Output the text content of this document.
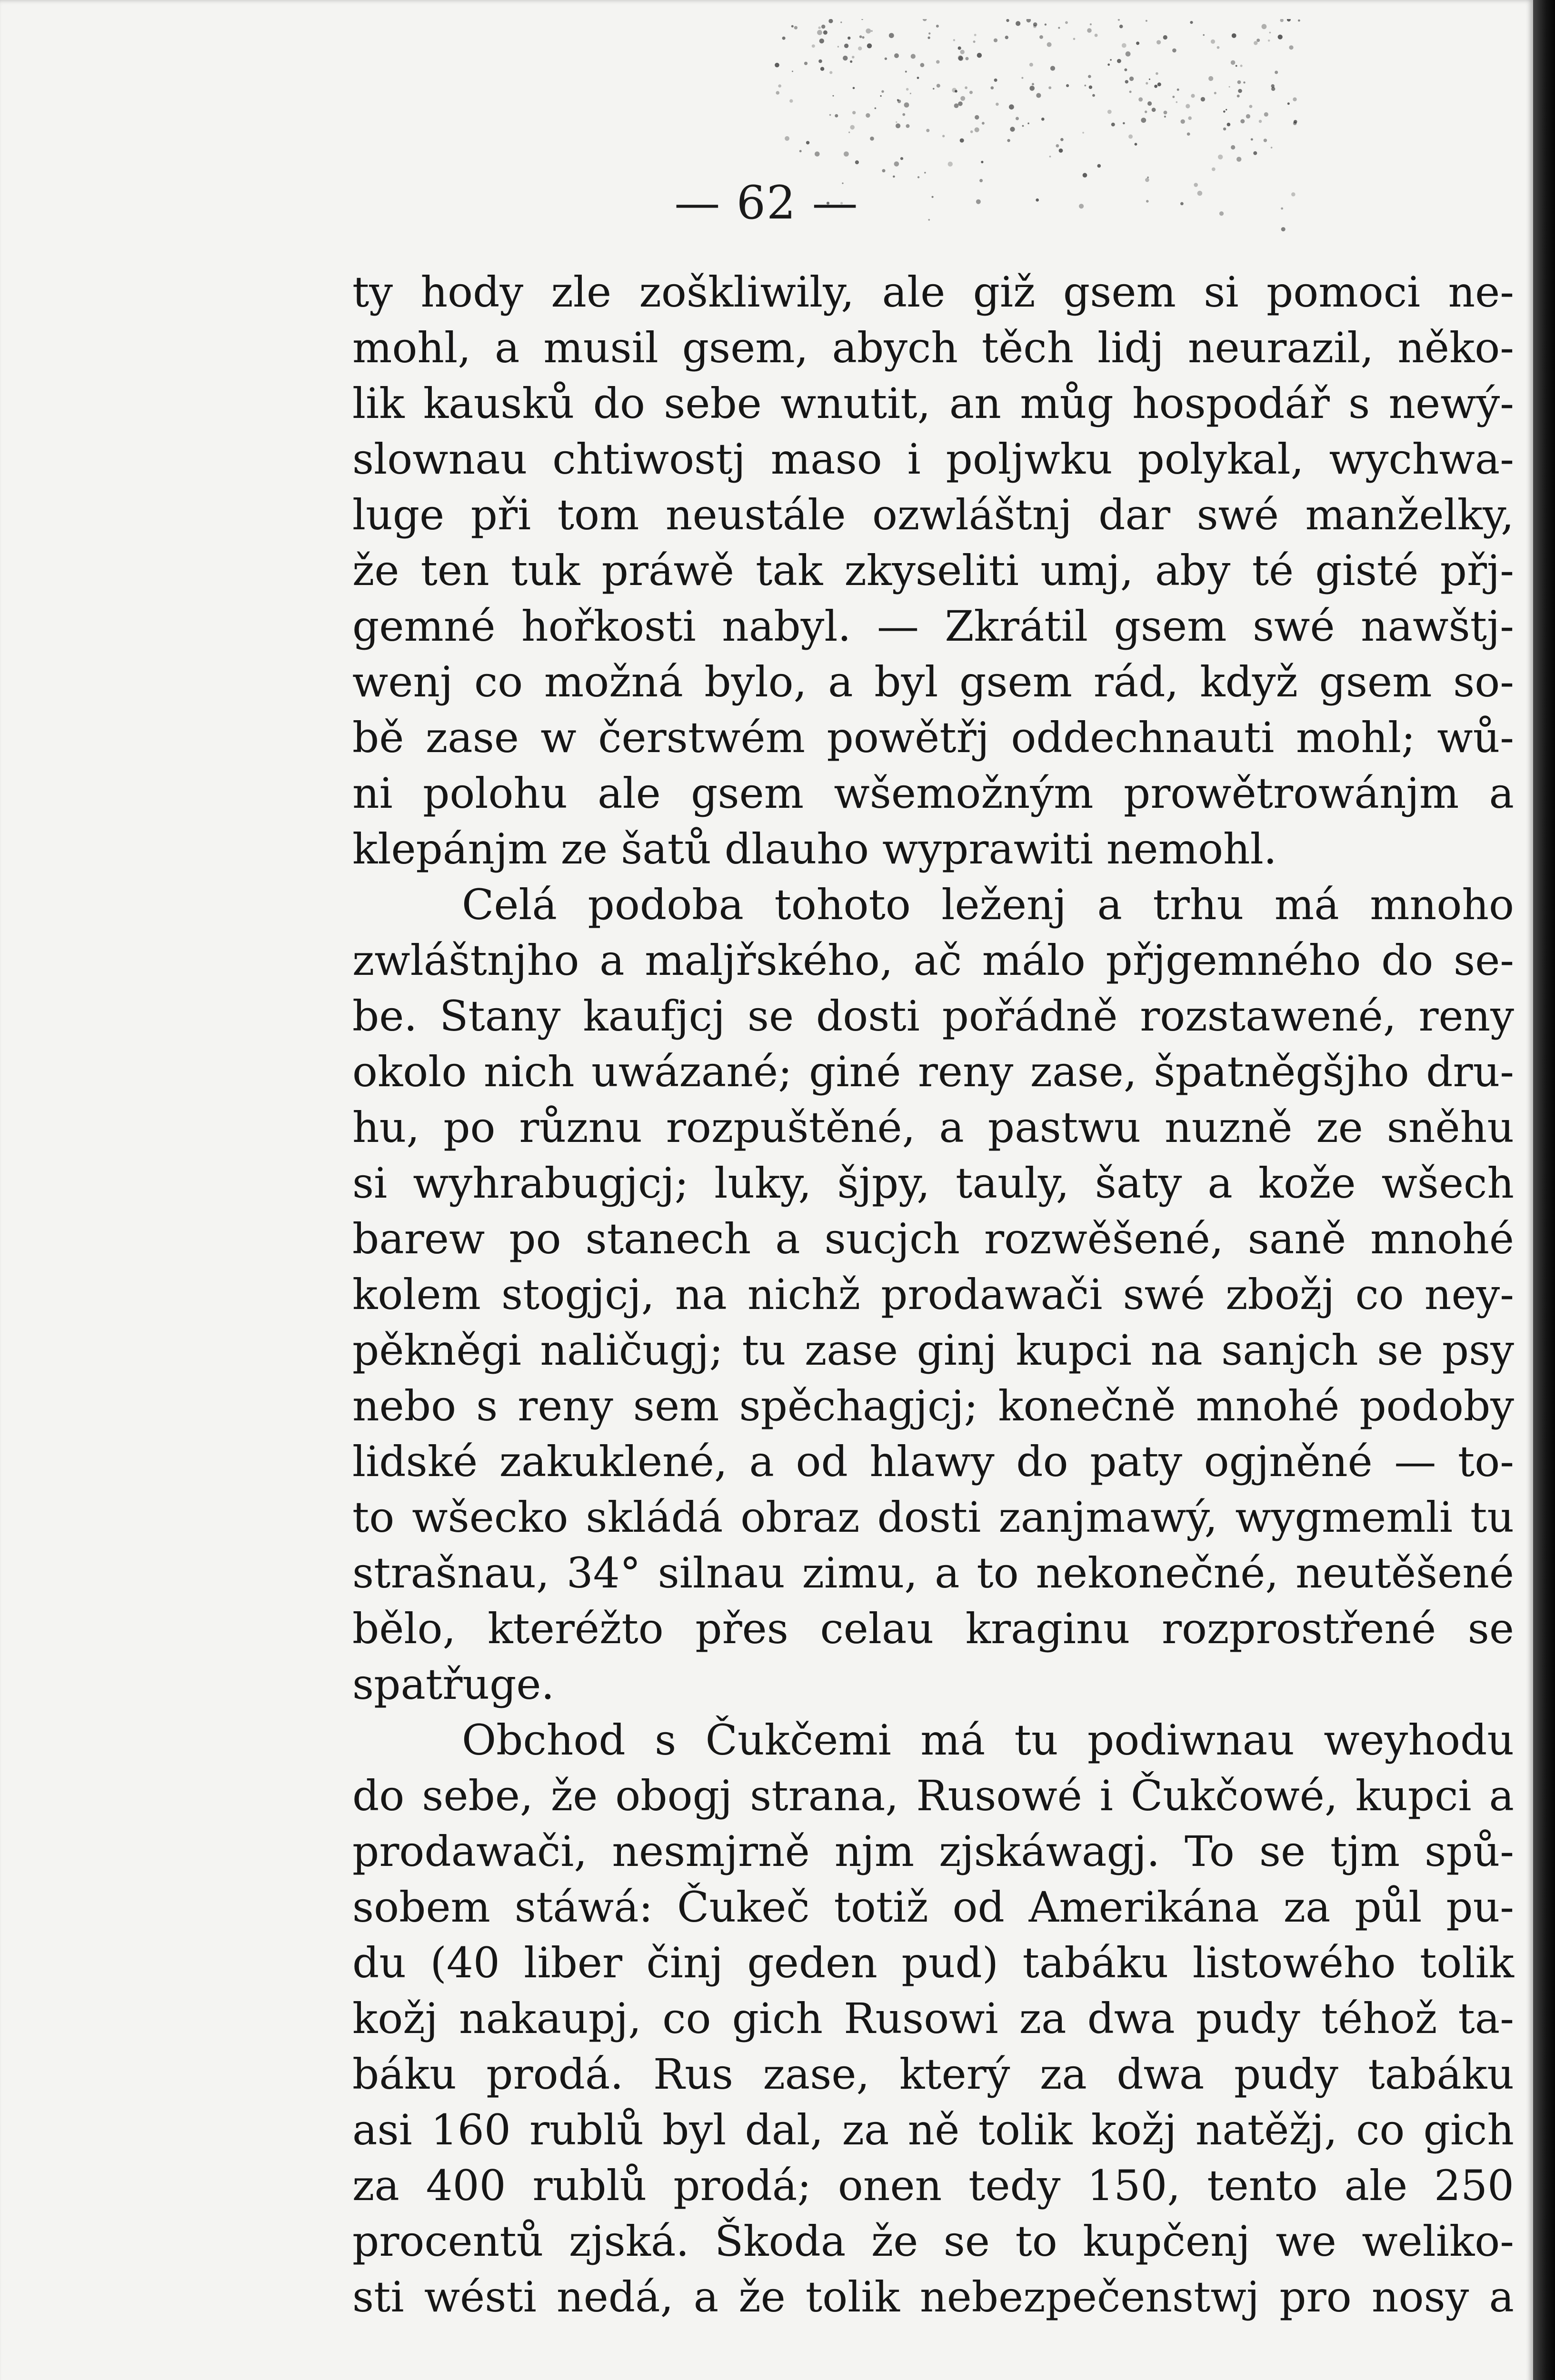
— 62 —
ty hody zle zoškliwily, ale giž gsem si pomoci ne-
mohl, a musil gsem, abych těch lidj neurazil, něko-
lik kausků do sebe wnutit, an můg hospodář s newý-
slownau chtiwostj maso i poljwku polykal, wychwa-
luge při tom neustále ozwláštnj dar swé manželky,
že ten tuk práwě tak zkyseliti umj, aby té gisté přj-
gemné hořkosti nabyl. — Zkrátil gsem swé nawštj-
wenj co možná bylo, a byl gsem rád, když gsem so-
bě zase w čerstwém powětřj oddechnauti mohl; wů-
ni polohu ale gsem wšemožným prowětrowánjm a
klepánjm ze šatů dlauho wyprawiti nemohl.
Celá podoba tohoto leženj a trhu má mnoho
zwláštnjho a maljřského, ač málo přjgemného do se-
be. Stany kaufjcj se dosti pořádně rozstawené, reny
okolo nich uwázané; giné reny zase, špatněgšjho dru-
hu, po různu rozpuštěné, a pastwu nuzně ze sněhu
si wyhrabugjcj; luky, šjpy, tauly, šaty a kože wšech
barew po stanech a sucjch rozwěšené, saně mnohé
kolem stogjcj, na nichž prodawači swé zbožj co ney-
pěkněgi naličugj; tu zase ginj kupci na sanjch se psy
nebo s reny sem spěchagjcj; konečně mnohé podoby
lidské zakuklené, a od hlawy do paty ogjněné — to-
to wšecko skládá obraz dosti zanjmawý, wygmemli tu
strašnau, 34° silnau zimu, a to nekonečné, neutěšené
bělo, kteréžto přes celau kraginu rozprostřené se
spatřuge.
Obchod s Čukčemi má tu podiwnau weyhodu
do sebe, že obogj strana, Rusowé i Čukčowé, kupci a
prodawači, nesmjrně njm zjskáwagj. To se tjm spů-
sobem stáwá: Čukeč totiž od Amerikána za půl pu-
du (40 liber činj geden pud) tabáku listowého tolik
kožj nakaupj, co gich Rusowi za dwa pudy téhož ta-
báku prodá. Rus zase, který za dwa pudy tabáku
asi 160 rublů byl dal, za ně tolik kožj natěžj, co gich
za 400 rublů prodá; onen tedy 150, tento ale 250
procentů zjská. Škoda že se to kupčenj we weliko-
sti wésti nedá, a že tolik nebezpečenstwj pro nosy a
